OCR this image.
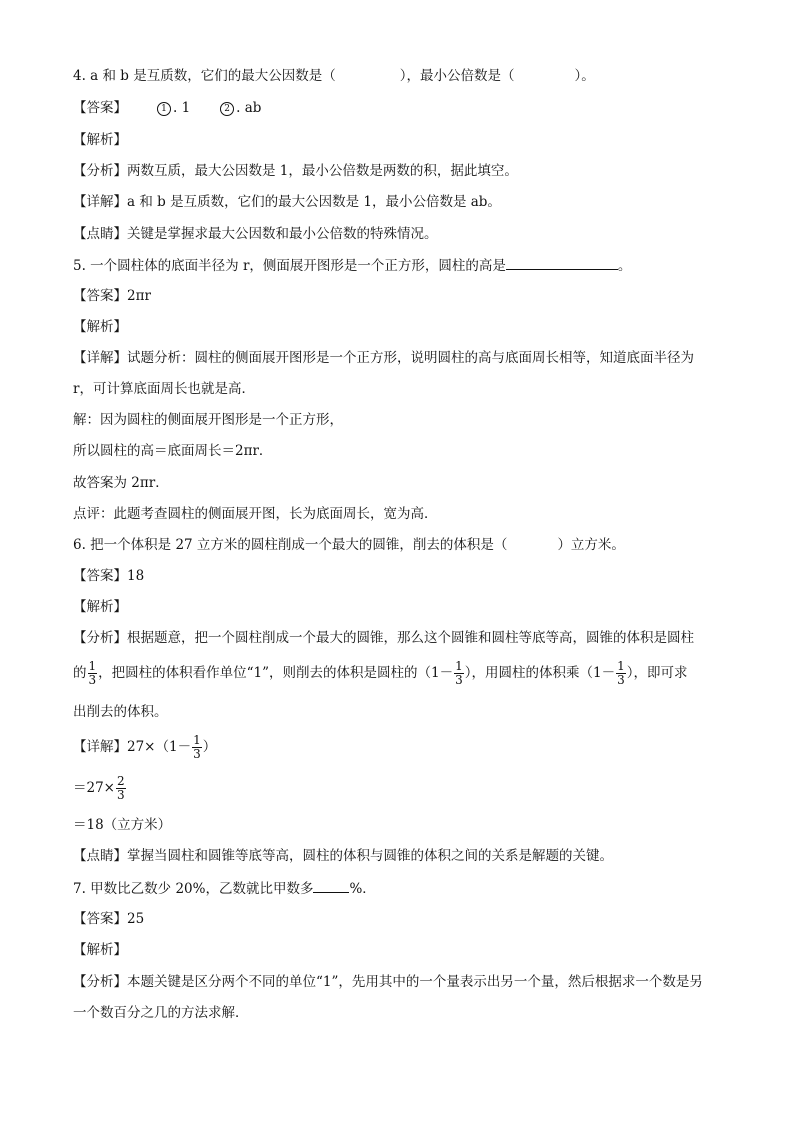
4. a 和 b 是互质数，它们的最大公因数是（	），最小公倍数是（	）。
【答案】	1 . 1	2 . ab
【解析】
【分析】两数互质，最大公因数是 1，最小公倍数是两数的积，据此填空。
【详解】a 和 b 是互质数，它们的最大公因数是 1，最小公倍数是 ab。
【点睛】关键是掌握求最大公因数和最小公倍数的特殊情况。
5. 一个圆柱体的底面半径为 r，侧面展开图形是一个正方形，圆柱的高是	。
【答案】2πr
【解析】
【详解】试题分析：圆柱的侧面展开图形是一个正方形，说明圆柱的高与底面周长相等，知道底面半径为
r，可计算底面周长也就是高．
解：因为圆柱的侧面展开图形是一个正方形，
所以圆柱的高＝底面周长＝2πr．
故答案为 2πr．
点评：此题考查圆柱的侧面展开图，长为底面周长，宽为高．
6. 把一个体积是 27 立方米的圆柱削成一个最大的圆锥，削去的体积是（	）立方米。
【答案】18
【解析】
【分析】根据题意，把一个圆柱削成一个最大的圆锥，那么这个圆锥和圆柱等底等高，圆锥的体积是圆柱
的 $\frac{1}{3}$ ，把圆柱的体积看作单位“1”，则削去的体积是圆柱的（$1- \frac{1}{3}$ ），用圆柱的体积乘（$1- \frac{1}{3}$ ），即可求
出削去的体积。
【详解】$27\times(1- \frac{1}{3}$ ）
$=27\times \frac{2}{3}$
＝18（立方米）
【点睛】掌握当圆柱和圆锥等底等高，圆柱的体积与圆锥的体积之间的关系是解题的关键。
7. 甲数比乙数少 20%，乙数就比甲数多	%．
【答案】25
【解析】
【分析】本题关键是区分两个不同的单位“1”，先用其中的一个量表示出另一个量，然后根据求一个数是另
一个数百分之几的方法求解．
